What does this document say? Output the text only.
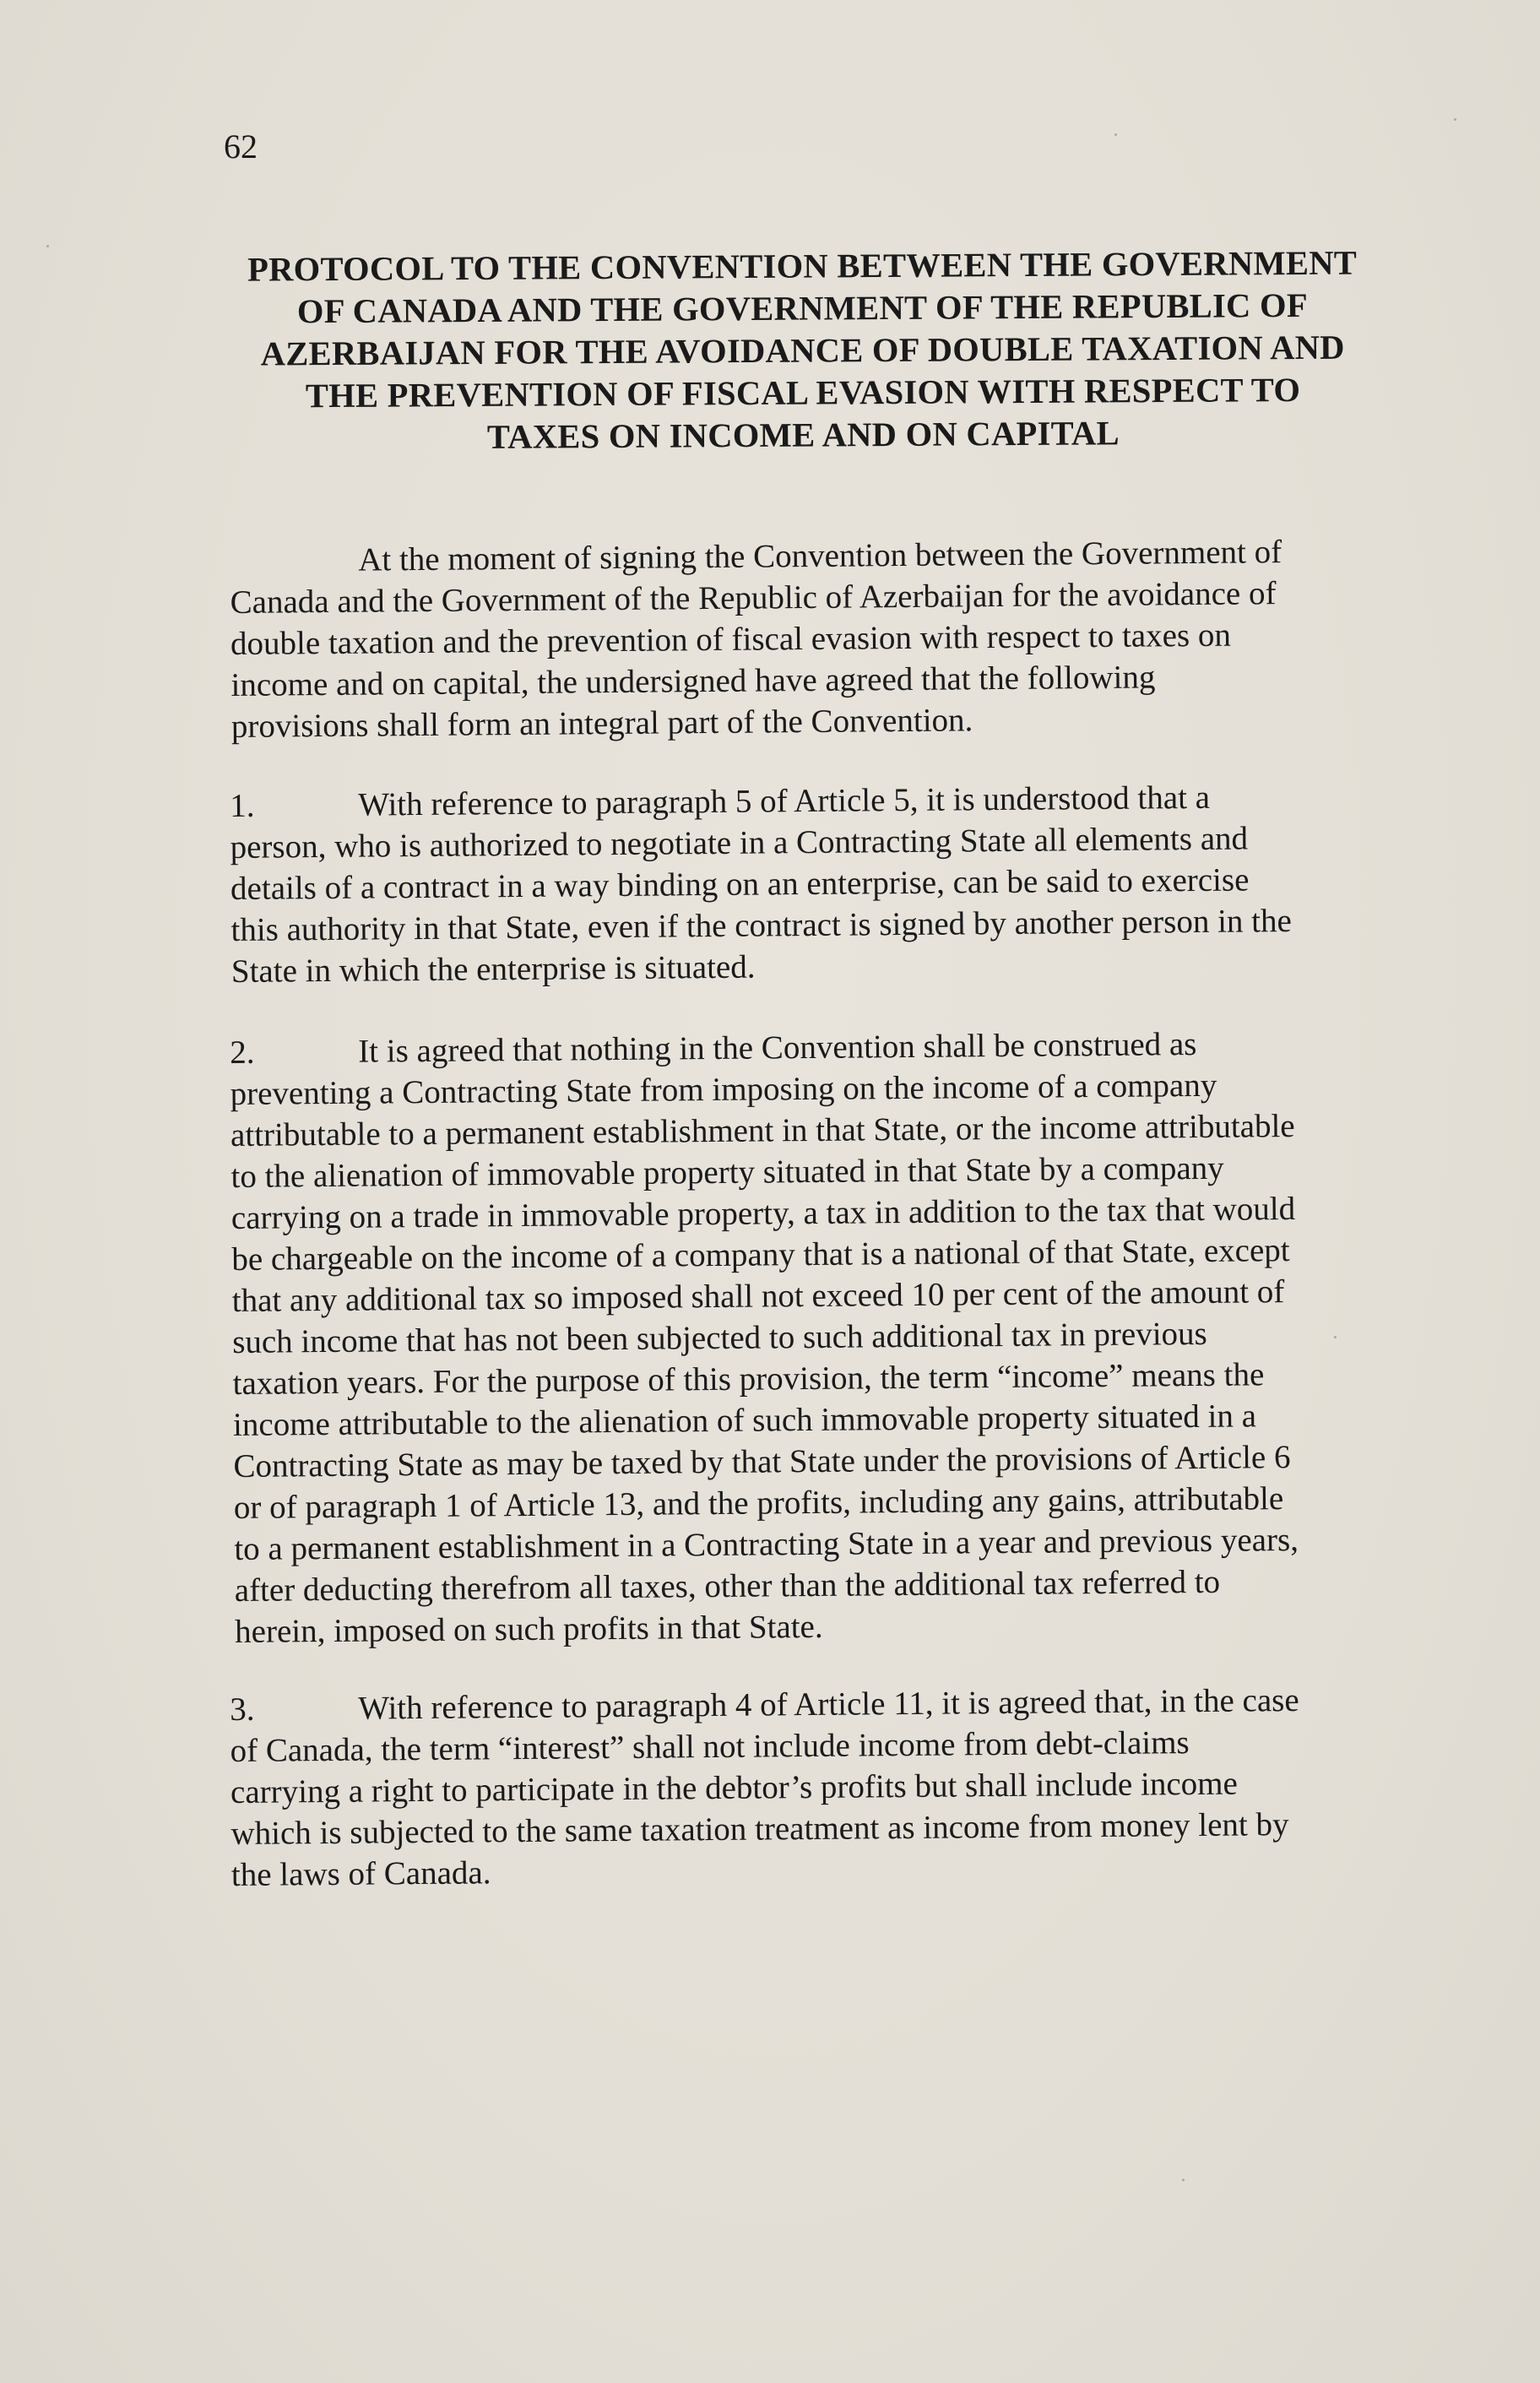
62
PROTOCOL TO THE CONVENTION BETWEEN THE GOVERNMENT
OF CANADA AND THE GOVERNMENT OF THE REPUBLIC OF
AZERBAIJAN FOR THE AVOIDANCE OF DOUBLE TAXATION AND
THE PREVENTION OF FISCAL EVASION WITH RESPECT TO
TAXES ON INCOME AND ON CAPITAL
At the moment of signing the Convention between the Government of
Canada and the Government of the Republic of Azerbaijan for the avoidance of
double taxation and the prevention of fiscal evasion with respect to taxes on
income and on capital, the undersigned have agreed that the following
provisions shall form an integral part of the Convention.
1.	With reference to paragraph 5 of Article 5, it is understood that a
person, who is authorized to negotiate in a Contracting State all elements and
details of a contract in a way binding on an enterprise, can be said to exercise
this authority in that State, even if the contract is signed by another person in the
State in which the enterprise is situated.
2.	It is agreed that nothing in the Convention shall be construed as
preventing a Contracting State from imposing on the income of a company
attributable to a permanent establishment in that State, or the income attributable
to the alienation of immovable property situated in that State by a company
carrying on a trade in immovable property, a tax in addition to the tax that would
be chargeable on the income of a company that is a national of that State, except
that any additional tax so imposed shall not exceed 10 per cent of the amount of
such income that has not been subjected to such additional tax in previous
taxation years. For the purpose of this provision, the term “income” means the
income attributable to the alienation of such immovable property situated in a
Contracting State as may be taxed by that State under the provisions of Article 6
or of paragraph 1 of Article 13, and the profits, including any gains, attributable
to a permanent establishment in a Contracting State in a year and previous years,
after deducting therefrom all taxes, other than the additional tax referred to
herein, imposed on such profits in that State.
3.	With reference to paragraph 4 of Article 11, it is agreed that, in the case
of Canada, the term “interest” shall not include income from debt-claims
carrying a right to participate in the debtor’s profits but shall include income
which is subjected to the same taxation treatment as income from money lent by
the laws of Canada.
